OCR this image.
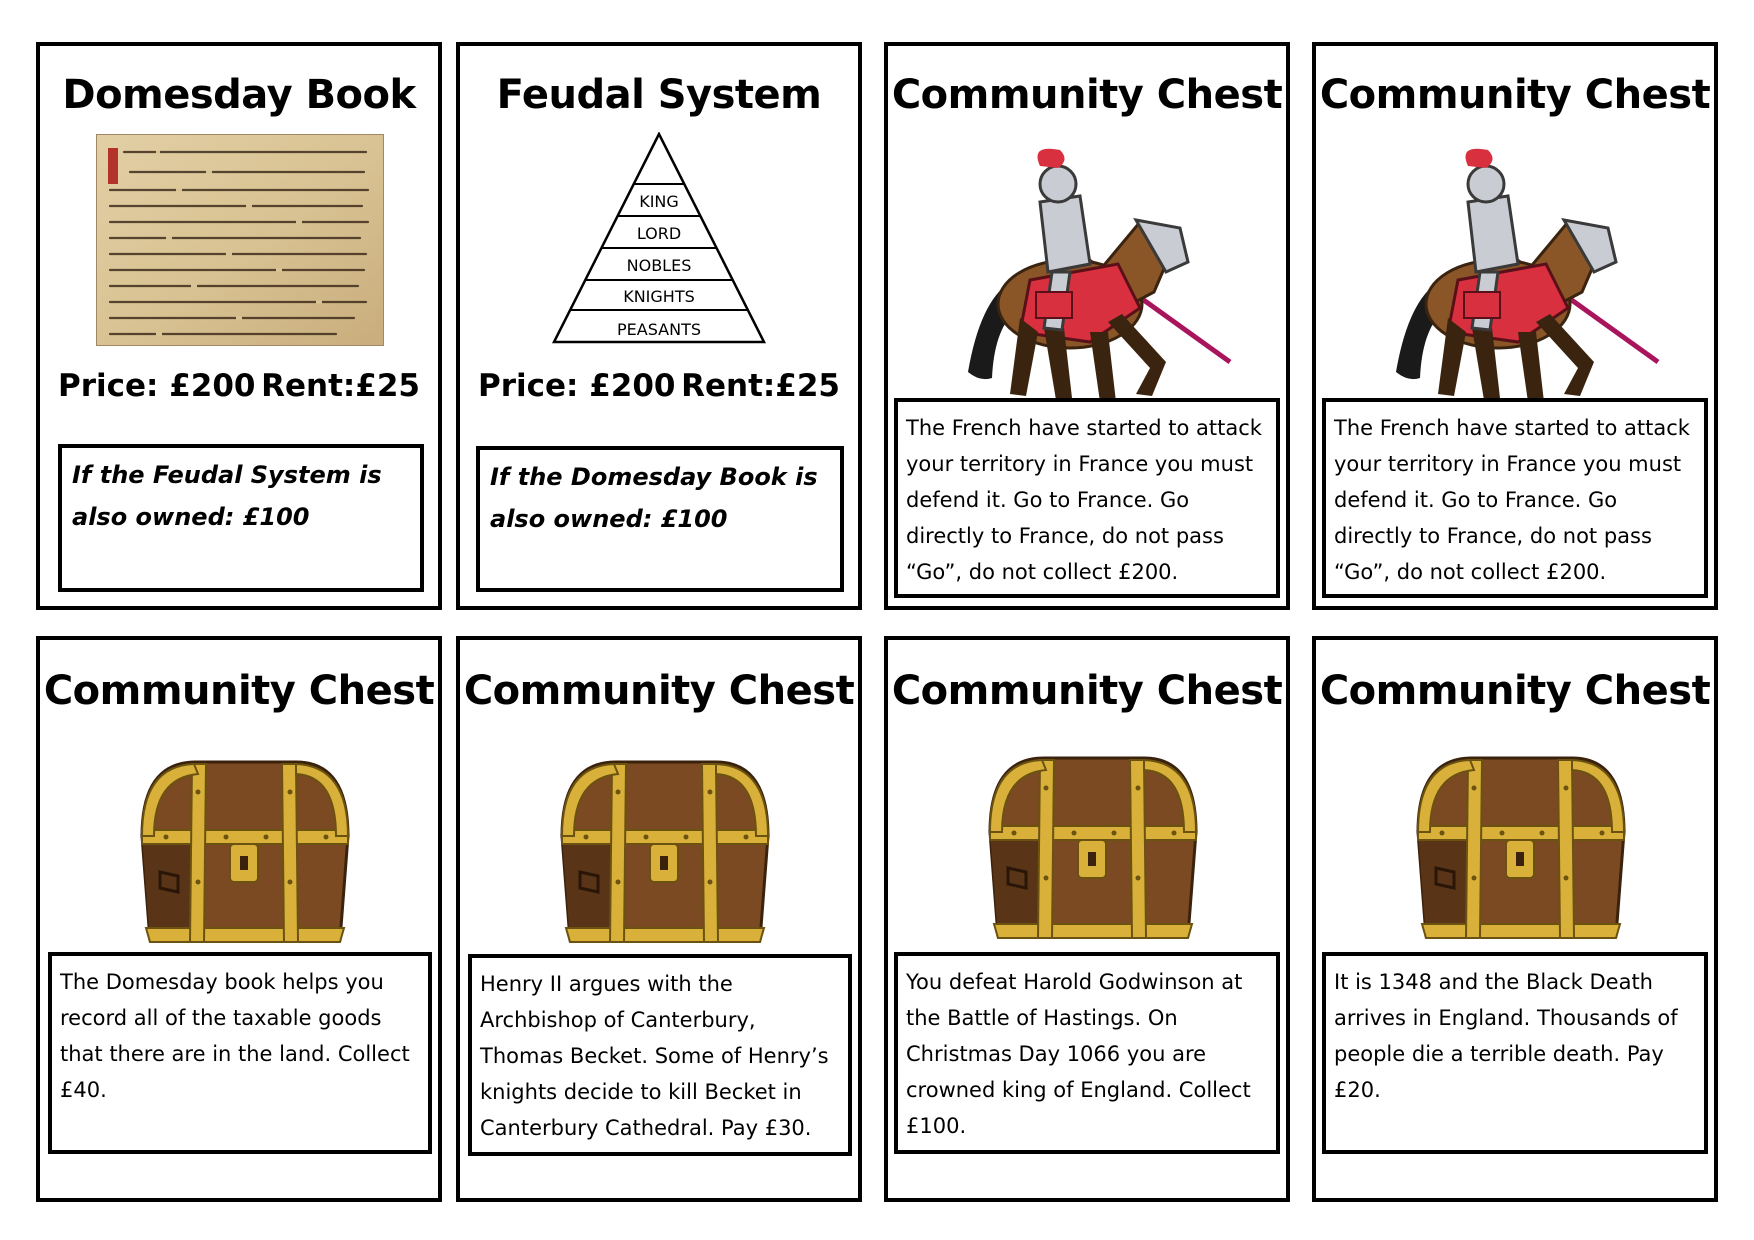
Domesday Book
Price: £200 Rent:£25
If the Feudal System is also owned: £100
Feudal System
KING
LORD
NOBLES
KNIGHTS
PEASANTS
Price: £200 Rent:£25
If the Domesday Book is also owned: £100
Community Chest
The French have started to attack your territory in France you must defend it. Go to France. Go directly to France, do not pass “Go”, do not collect £200.
Community Chest
The French have started to attack your territory in France you must defend it. Go to France. Go directly to France, do not pass “Go”, do not collect £200.
Community Chest
The Domesday book helps you record all of the taxable goods that there are in the land. Collect £40.
Community Chest
Henry II argues with the Archbishop of Canterbury, Thomas Becket. Some of Henry’s knights decide to kill Becket in Canterbury Cathedral. Pay £30.
Community Chest
You defeat Harold Godwinson at the Battle of Hastings. On Christmas Day 1066 you are crowned king of England. Collect £100.
Community Chest
It is 1348 and the Black Death arrives in England. Thousands of people die a terrible death. Pay £20.
